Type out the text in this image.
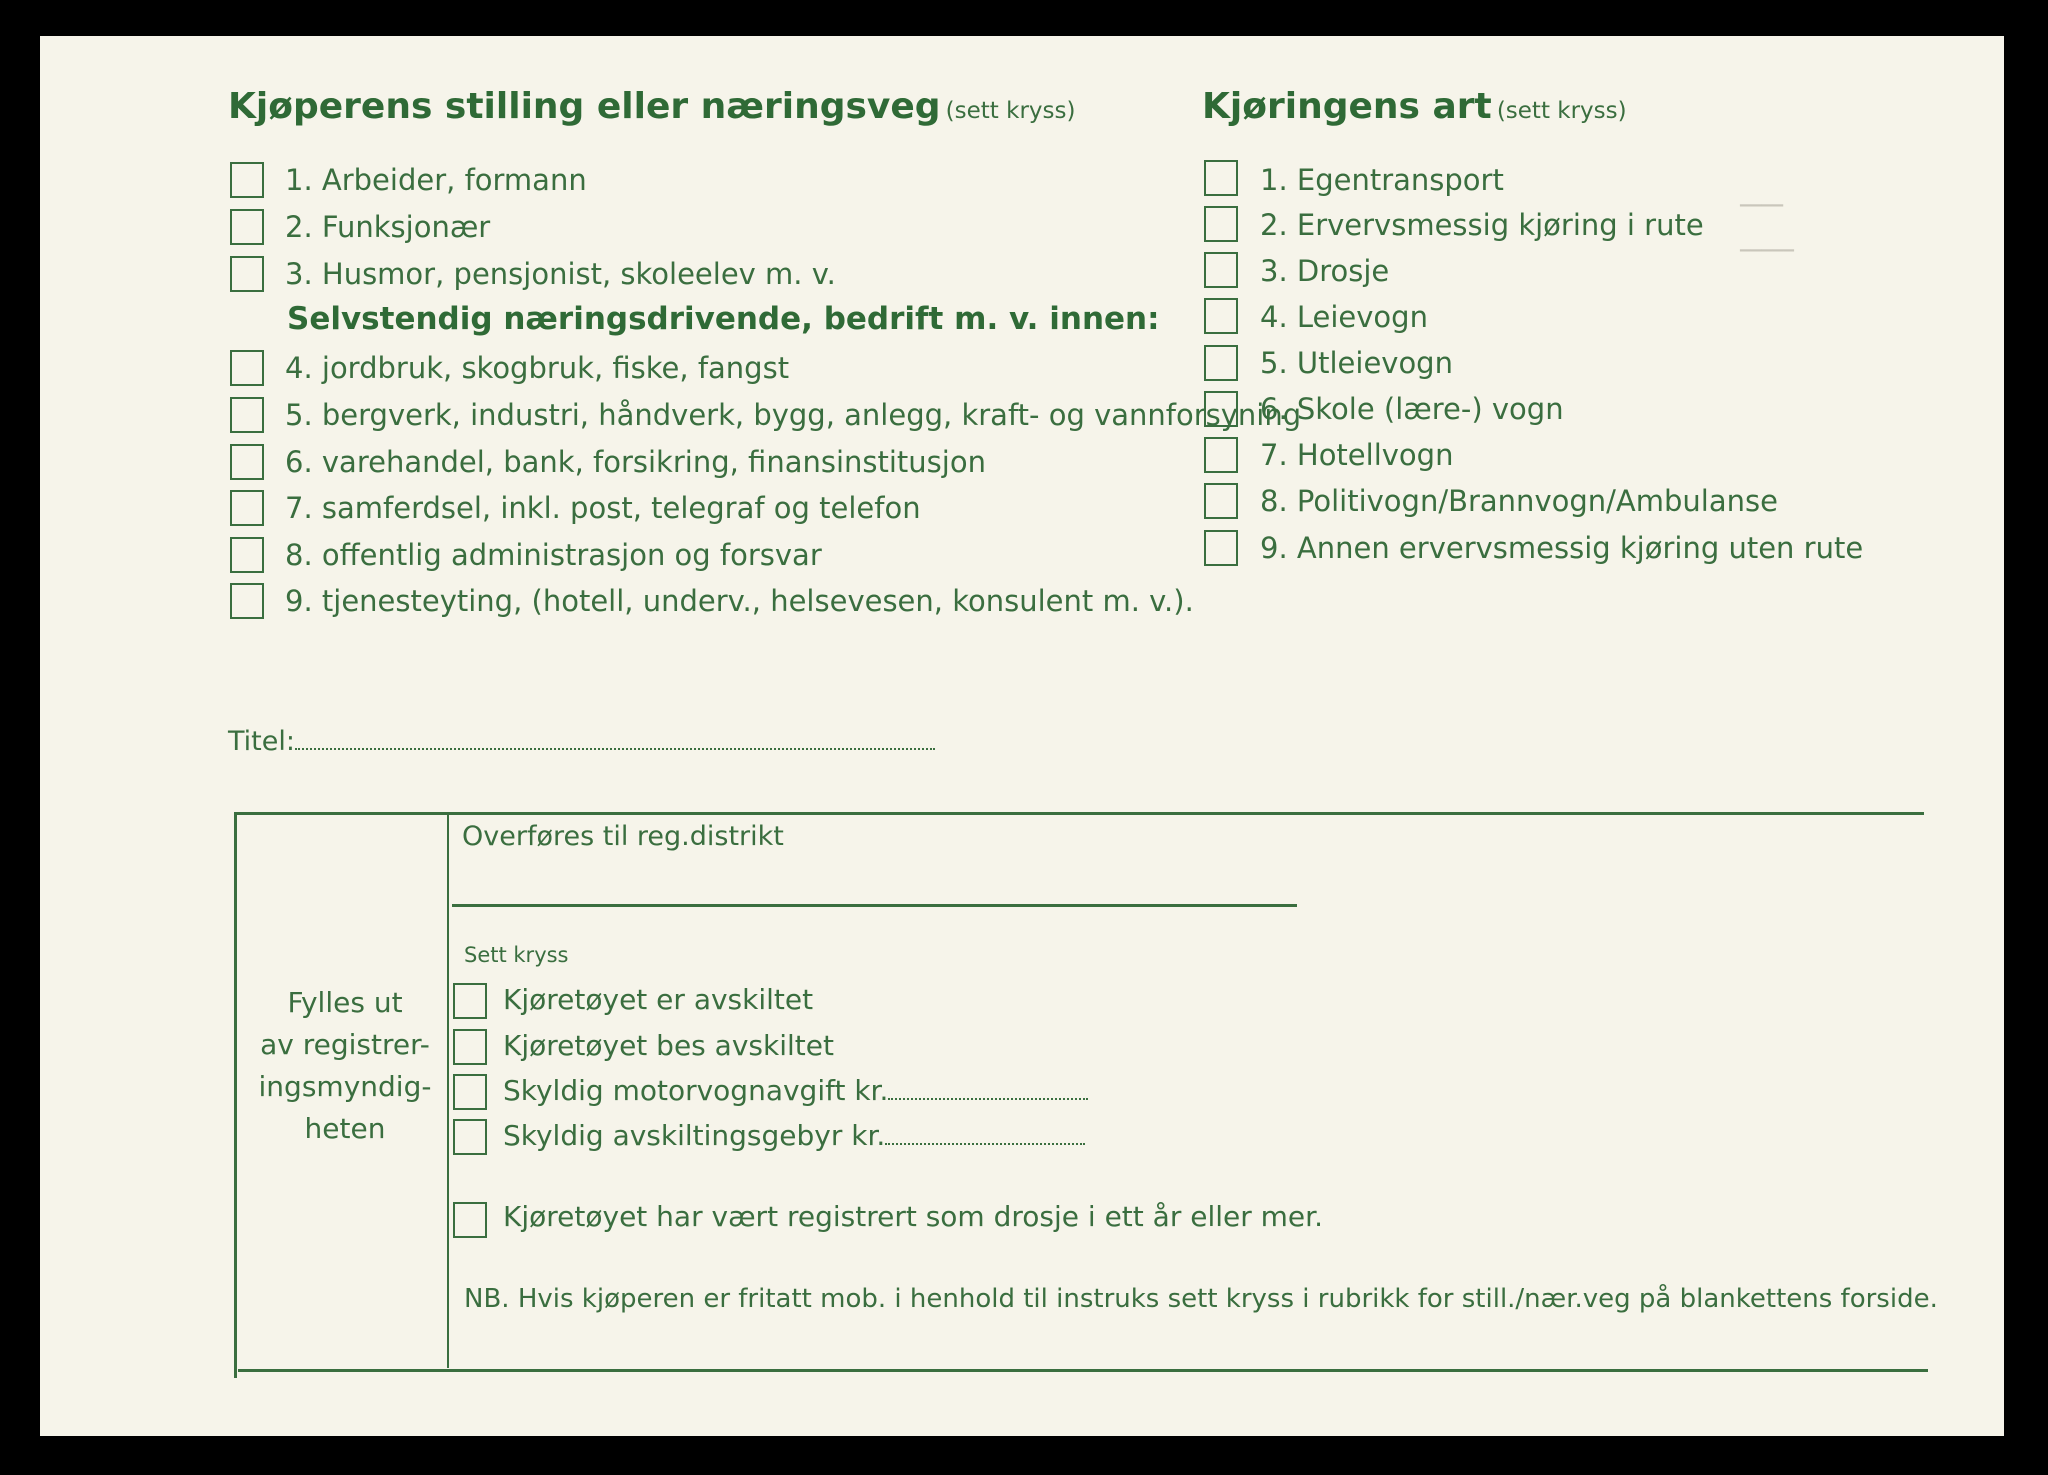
Kjøperens stilling eller næringsveg (sett kryss)
1. Arbeider, formann
2. Funksjonær
3. Husmor, pensjonist, skoleelev m. v.
Selvstendig næringsdrivende, bedrift m. v. innen:
4. jordbruk, skogbruk, fiske, fangst
5. bergverk, industri, håndverk, bygg, anlegg, kraft- og vannforsyning
6. varehandel, bank, forsikring, finansinstitusjon
7. samferdsel, inkl. post, telegraf og telefon
8. offentlig administrasjon og forsvar
9. tjenesteyting, (hotell, underv., helsevesen, konsulent m. v.).
Titel:
Kjøringens art (sett kryss)
1. Egentransport
2. Ervervsmessig kjøring i rute
3. Drosje
4. Leievogn
5. Utleievogn
6. Skole (lære-) vogn
7. Hotellvogn
8. Politivogn/Brannvogn/Ambulanse
9. Annen ervervsmessig kjøring uten rute
Fylles ut
av registrer-
ingsmyndig-
heten
Overføres til reg.distrikt
Sett kryss
Kjøretøyet er avskiltet
Kjøretøyet bes avskiltet
Skyldig motorvognavgift kr.
Skyldig avskiltingsgebyr kr.
Kjøretøyet har vært registrert som drosje i ett år eller mer.
NB. Hvis kjøperen er fritatt mob. i henhold til instruks sett kryss i rubrikk for still./nær.veg på blankettens forside.
▁▁▁▁
▁▁▁▁▁
